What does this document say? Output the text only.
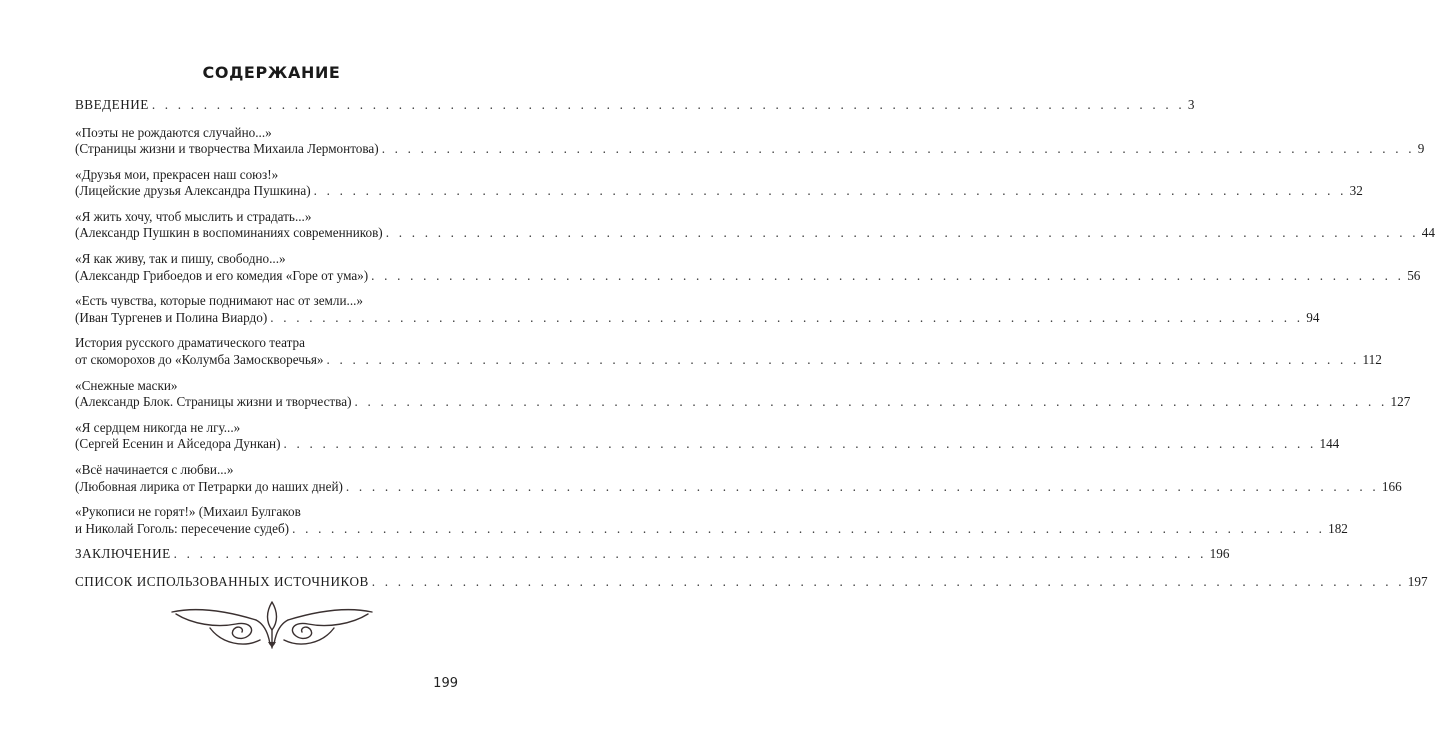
СОДЕРЖАНИЕ
ВВЕДЕНИЕ . . . . . . . . . . . . . . . . . . . . . . . . . . . . . . . . . . . . . . . . . . . . . . . . . . . . . . . . . . . . . . . . . . . . . . . . . . . . . . . . 3
«Поэты не рождаются случайно...»
(Страницы жизни и творчества Михаила Лермонтова) . . . . . . . . . . . . . . . . . . . . . . . . . . . . . . . . . . . . . . . . . . . . . . . . . . . . . . . . . . . . . . . . . . . . . . . . . . . . . . . . 9
«Друзья мои, прекрасен наш союз!»
(Лицейские друзья Александра Пушкина) . . . . . . . . . . . . . . . . . . . . . . . . . . . . . . . . . . . . . . . . . . . . . . . . . . . . . . . . . . . . . . . . . . . . . . . . . . . . . . . . 32
«Я жить хочу, чтоб мыслить и страдать...»
(Александр Пушкин в воспоминаниях современников) . . . . . . . . . . . . . . . . . . . . . . . . . . . . . . . . . . . . . . . . . . . . . . . . . . . . . . . . . . . . . . . . . . . . . . . . . . . . . . . . 44
«Я как живу, так и пишу, свободно...»
(Александр Грибоедов и его комедия «Горе от ума») . . . . . . . . . . . . . . . . . . . . . . . . . . . . . . . . . . . . . . . . . . . . . . . . . . . . . . . . . . . . . . . . . . . . . . . . . . . . . . . . 56
«Есть чувства, которые поднимают нас от земли...»
(Иван Тургенев и Полина Виардо) . . . . . . . . . . . . . . . . . . . . . . . . . . . . . . . . . . . . . . . . . . . . . . . . . . . . . . . . . . . . . . . . . . . . . . . . . . . . . . . . 94
История русского драматического театра
от скоморохов до «Колумба Замоскворечья» . . . . . . . . . . . . . . . . . . . . . . . . . . . . . . . . . . . . . . . . . . . . . . . . . . . . . . . . . . . . . . . . . . . . . . . . . . . . . . . . 112
«Снежные маски»
(Александр Блок. Страницы жизни и творчества) . . . . . . . . . . . . . . . . . . . . . . . . . . . . . . . . . . . . . . . . . . . . . . . . . . . . . . . . . . . . . . . . . . . . . . . . . . . . . . . . 127
«Я сердцем никогда не лгу...»
(Сергей Есенин и Айседора Дункан) . . . . . . . . . . . . . . . . . . . . . . . . . . . . . . . . . . . . . . . . . . . . . . . . . . . . . . . . . . . . . . . . . . . . . . . . . . . . . . . . 144
«Всё начинается с любви...»
(Любовная лирика от Петрарки до наших дней) . . . . . . . . . . . . . . . . . . . . . . . . . . . . . . . . . . . . . . . . . . . . . . . . . . . . . . . . . . . . . . . . . . . . . . . . . . . . . . . . 166
«Рукописи не горят!» (Михаил Булгаков
и Николай Гоголь: пересечение судеб) . . . . . . . . . . . . . . . . . . . . . . . . . . . . . . . . . . . . . . . . . . . . . . . . . . . . . . . . . . . . . . . . . . . . . . . . . . . . . . . . 182
ЗАКЛЮЧЕНИЕ . . . . . . . . . . . . . . . . . . . . . . . . . . . . . . . . . . . . . . . . . . . . . . . . . . . . . . . . . . . . . . . . . . . . . . . . . . . . . . . . 196
СПИСОК ИСПОЛЬЗОВАННЫХ ИСТОЧНИКОВ . . . . . . . . . . . . . . . . . . . . . . . . . . . . . . . . . . . . . . . . . . . . . . . . . . . . . . . . . . . . . . . . . . . . . . . . . . . . . . . . 197
199
